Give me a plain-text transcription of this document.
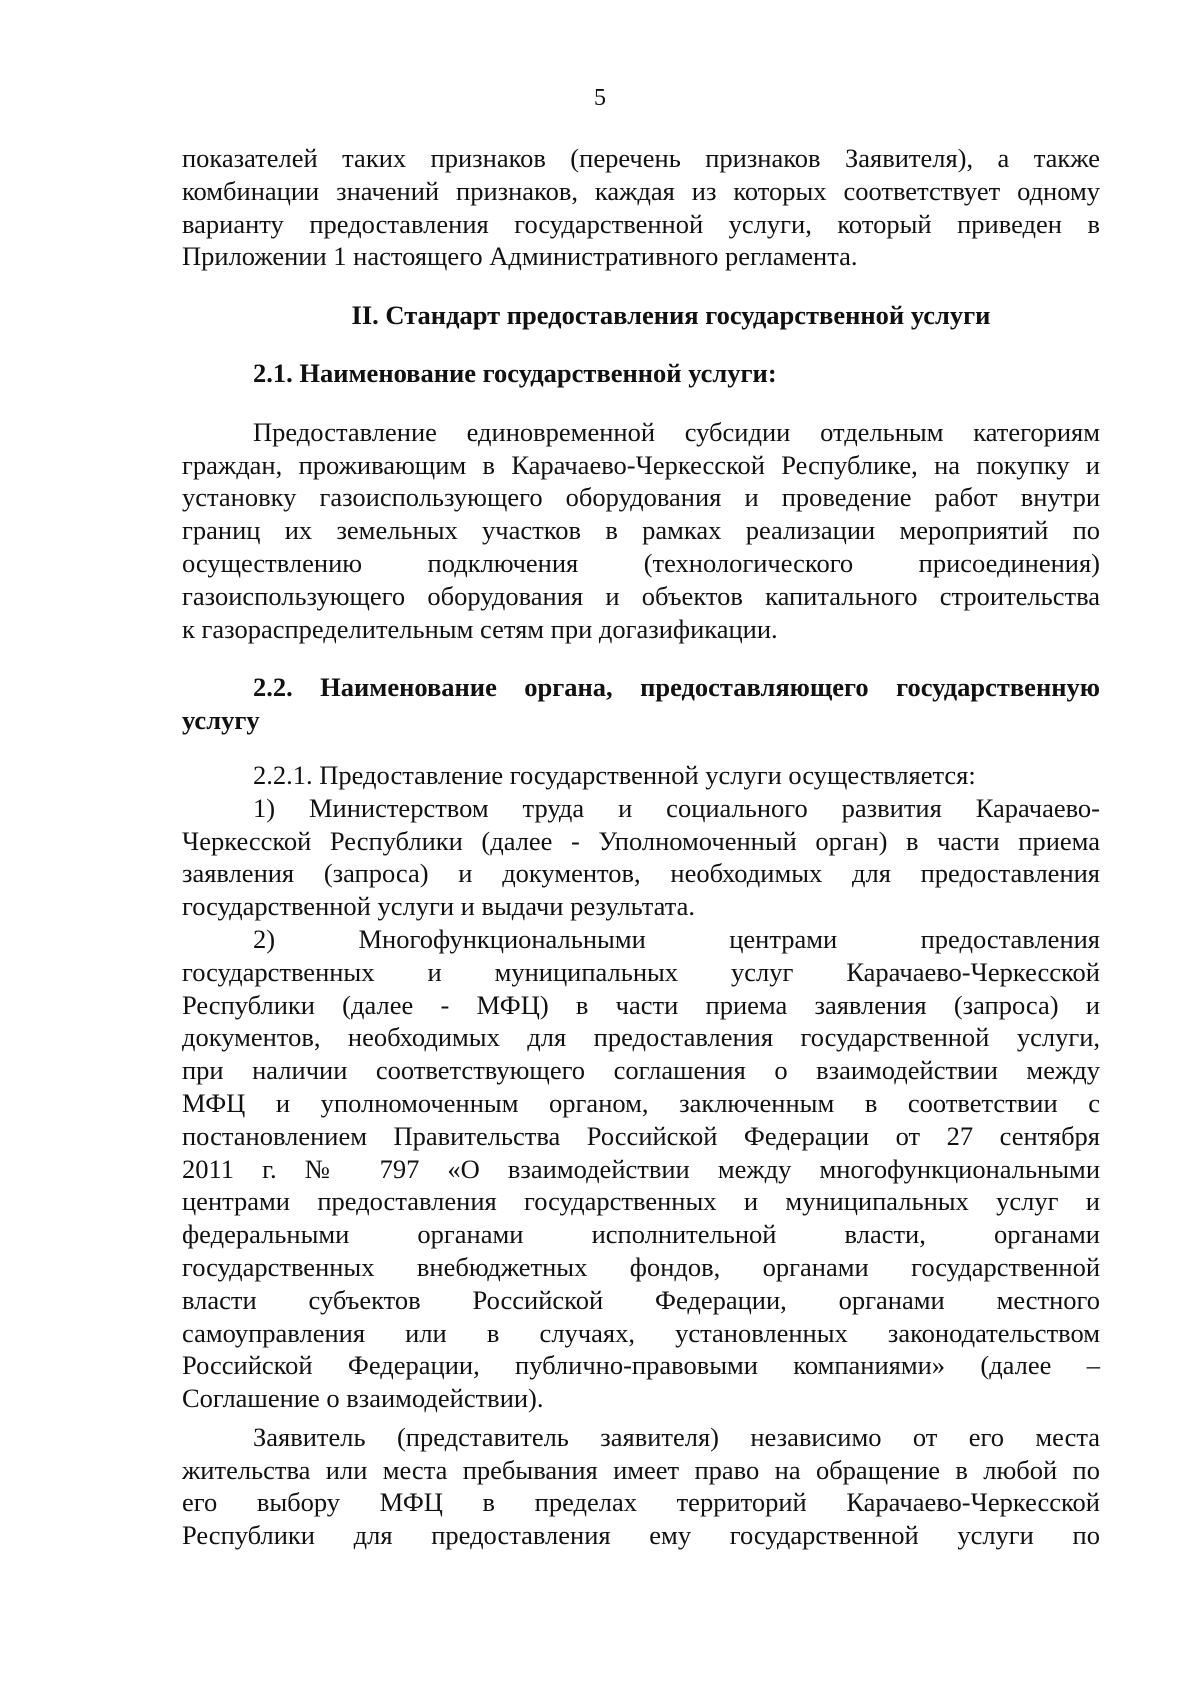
5
показателей таких признаков (перечень признаков Заявителя), а также
комбинации значений признаков, каждая из которых соответствует одному
варианту предоставления государственной услуги, который приведен в
Приложении 1 настоящего Административного регламента.
II. Стандарт предоставления государственной услуги
2.1. Наименование государственной услуги:
Предоставление единовременной субсидии отдельным категориям
граждан, проживающим в Карачаево-Черкесской Республике, на покупку и
установку газоиспользующего оборудования и проведение работ внутри
границ их земельных участков в рамках реализации мероприятий по
осуществлению подключения (технологического присоединения)
газоиспользующего оборудования и объектов капитального строительства
к газораспределительным сетям при догазификации.
2.2. Наименование органа, предоставляющего государственную
услугу
2.2.1. Предоставление государственной услуги осуществляется:
1) Министерством труда и социального развития Карачаево-
Черкесской Республики (далее - Уполномоченный орган) в части приема
заявления (запроса) и документов, необходимых для предоставления
государственной услуги и выдачи результата.
2) Многофункциональными центрами предоставления
государственных и муниципальных услуг Карачаево-Черкесской
Республики (далее - МФЦ) в части приема заявления (запроса) и
документов, необходимых для предоставления государственной услуги,
при наличии соответствующего соглашения о взаимодействии между
МФЦ и уполномоченным органом, заключенным в соответствии с
постановлением Правительства Российской Федерации от 27 сентября
2011 г. № 797 «О взаимодействии между многофункциональными
центрами предоставления государственных и муниципальных услуг и
федеральными органами исполнительной власти, органами
государственных внебюджетных фондов, органами государственной
власти субъектов Российской Федерации, органами местного
самоуправления или в случаях, установленных законодательством
Российской Федерации, публично-правовыми компаниями» (далее –
Соглашение о взаимодействии).
Заявитель (представитель заявителя) независимо от его места
жительства или места пребывания имеет право на обращение в любой по
его выбору МФЦ в пределах территорий Карачаево-Черкесской
Республики для предоставления ему государственной услуги по
